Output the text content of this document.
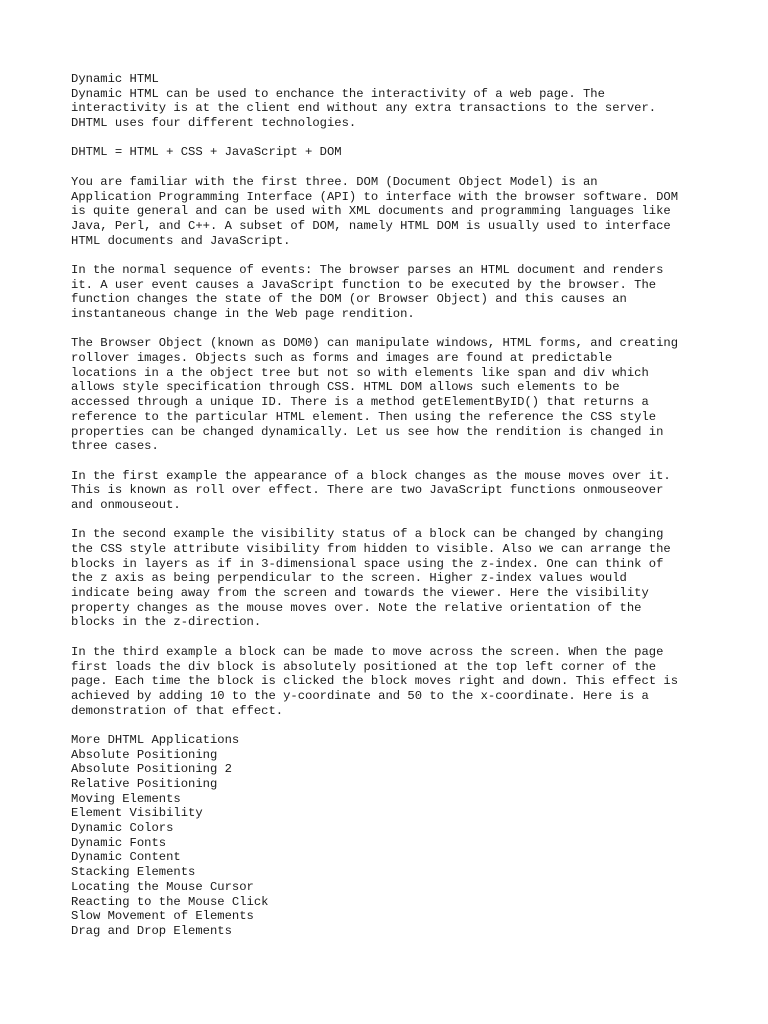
Dynamic HTML
Dynamic HTML can be used to enchance the interactivity of a web page. The
interactivity is at the client end without any extra transactions to the server.
DHTML uses four different technologies.
DHTML = HTML + CSS + JavaScript + DOM
You are familiar with the first three. DOM (Document Object Model) is an
Application Programming Interface (API) to interface with the browser software. DOM
is quite general and can be used with XML documents and programming languages like
Java, Perl, and C++. A subset of DOM, namely HTML DOM is usually used to interface
HTML documents and JavaScript.
In the normal sequence of events: The browser parses an HTML document and renders
it. A user event causes a JavaScript function to be executed by the browser. The
function changes the state of the DOM (or Browser Object) and this causes an
instantaneous change in the Web page rendition.
The Browser Object (known as DOM0) can manipulate windows, HTML forms, and creating
rollover images. Objects such as forms and images are found at predictable
locations in a the object tree but not so with elements like span and div which
allows style specification through CSS. HTML DOM allows such elements to be
accessed through a unique ID. There is a method getElementByID() that returns a
reference to the particular HTML element. Then using the reference the CSS style
properties can be changed dynamically. Let us see how the rendition is changed in
three cases.
In the first example the appearance of a block changes as the mouse moves over it.
This is known as roll over effect. There are two JavaScript functions onmouseover
and onmouseout.
In the second example the visibility status of a block can be changed by changing
the CSS style attribute visibility from hidden to visible. Also we can arrange the
blocks in layers as if in 3-dimensional space using the z-index. One can think of
the z axis as being perpendicular to the screen. Higher z-index values would
indicate being away from the screen and towards the viewer. Here the visibility
property changes as the mouse moves over. Note the relative orientation of the
blocks in the z-direction.
In the third example a block can be made to move across the screen. When the page
first loads the div block is absolutely positioned at the top left corner of the
page. Each time the block is clicked the block moves right and down. This effect is
achieved by adding 10 to the y-coordinate and 50 to the x-coordinate. Here is a
demonstration of that effect.
More DHTML Applications
Absolute Positioning
Absolute Positioning 2
Relative Positioning
Moving Elements
Element Visibility
Dynamic Colors
Dynamic Fonts
Dynamic Content
Stacking Elements
Locating the Mouse Cursor
Reacting to the Mouse Click
Slow Movement of Elements
Drag and Drop Elements
